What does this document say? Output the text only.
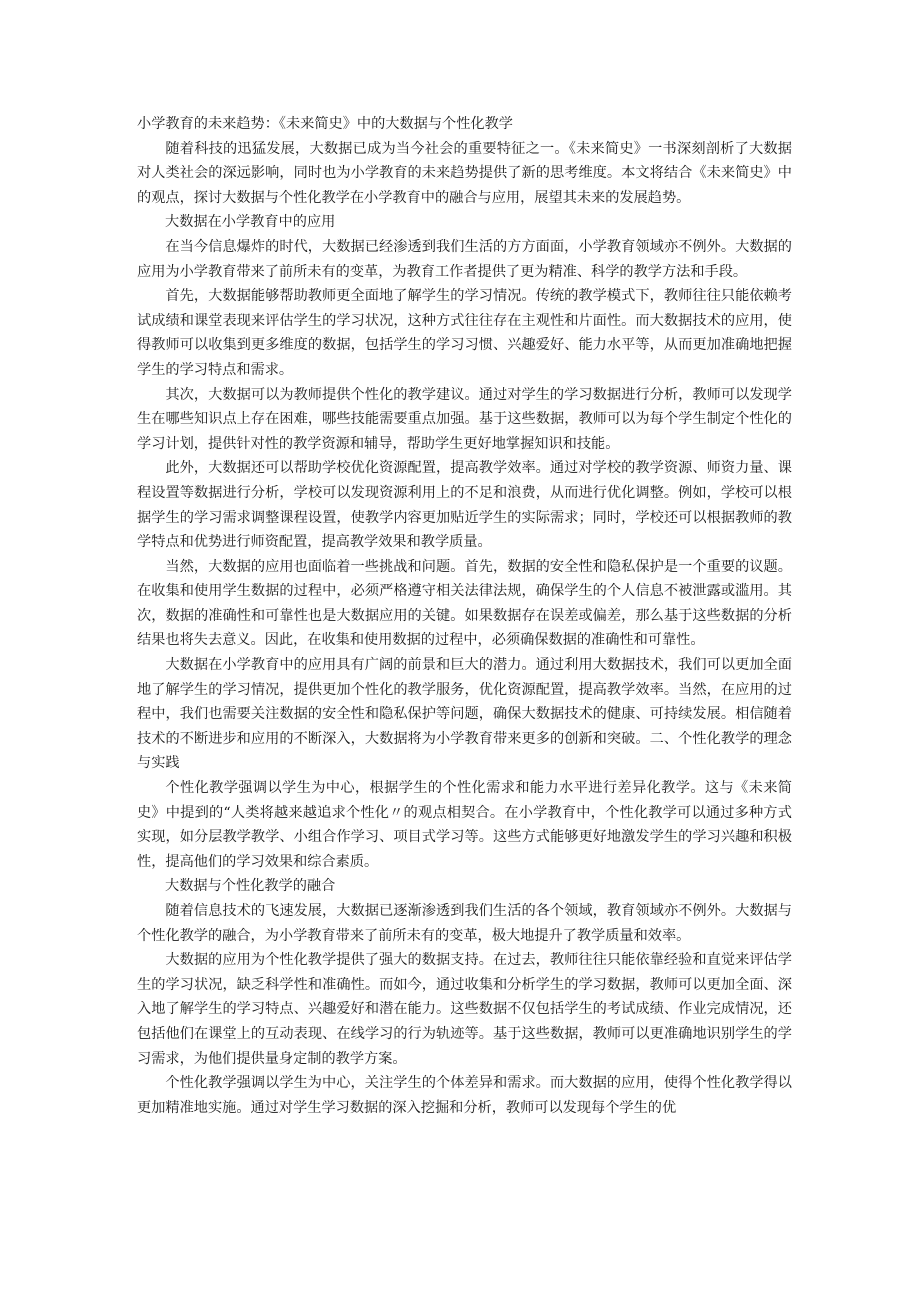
小学教育的未来趋势：《未来简史》中的大数据与个性化教学

随着科技的迅猛发展，大数据已成为当今社会的重要特征之一。《未来简史》一书深刻剖析了大数据对人类社会的深远影响，同时也为小学教育的未来趋势提供了新的思考维度。本文将结合《未来简史》中的观点，探讨大数据与个性化教学在小学教育中的融合与应用，展望其未来的发展趋势。

大数据在小学教育中的应用

在当今信息爆炸的时代，大数据已经渗透到我们生活的方方面面，小学教育领域亦不例外。大数据的应用为小学教育带来了前所未有的变革，为教育工作者提供了更为精准、科学的教学方法和手段。

首先，大数据能够帮助教师更全面地了解学生的学习情况。传统的教学模式下，教师往往只能依赖考试成绩和课堂表现来评估学生的学习状况，这种方式往往存在主观性和片面性。而大数据技术的应用，使得教师可以收集到更多维度的数据，包括学生的学习习惯、兴趣爱好、能力水平等，从而更加准确地把握学生的学习特点和需求。

其次，大数据可以为教师提供个性化的教学建议。通过对学生的学习数据进行分析，教师可以发现学生在哪些知识点上存在困难，哪些技能需要重点加强。基于这些数据，教师可以为每个学生制定个性化的学习计划，提供针对性的教学资源和辅导，帮助学生更好地掌握知识和技能。

此外，大数据还可以帮助学校优化资源配置，提高教学效率。通过对学校的教学资源、师资力量、课程设置等数据进行分析，学校可以发现资源利用上的不足和浪费，从而进行优化调整。例如，学校可以根据学生的学习需求调整课程设置，使教学内容更加贴近学生的实际需求；同时，学校还可以根据教师的教学特点和优势进行师资配置，提高教学效果和教学质量。

当然，大数据的应用也面临着一些挑战和问题。首先，数据的安全性和隐私保护是一个重要的议题。在收集和使用学生数据的过程中，必须严格遵守相关法律法规，确保学生的个人信息不被泄露或滥用。其次，数据的准确性和可靠性也是大数据应用的关键。如果数据存在误差或偏差，那么基于这些数据的分析结果也将失去意义。因此，在收集和使用数据的过程中，必须确保数据的准确性和可靠性。

大数据在小学教育中的应用具有广阔的前景和巨大的潜力。通过利用大数据技术，我们可以更加全面地了解学生的学习情况，提供更加个性化的教学服务，优化资源配置，提高教学效率。当然，在应用的过程中，我们也需要关注数据的安全性和隐私保护等问题，确保大数据技术的健康、可持续发展。相信随着技术的不断进步和应用的不断深入，大数据将为小学教育带来更多的创新和突破。二、个性化教学的理念与实践

个性化教学强调以学生为中心，根据学生的个性化需求和能力水平进行差异化教学。这与《未来简史》中提到的“人类将越来越追求个性化〃的观点相契合。在小学教育中，个性化教学可以通过多种方式实现，如分层教学教学、小组合作学习、项目式学习等。这些方式能够更好地激发学生的学习兴趣和积极性，提高他们的学习效果和综合素质。

大数据与个性化教学的融合

随着信息技术的飞速发展，大数据已逐渐渗透到我们生活的各个领域，教育领域亦不例外。大数据与个性化教学的融合，为小学教育带来了前所未有的变革，极大地提升了教学质量和效率。

大数据的应用为个性化教学提供了强大的数据支持。在过去，教师往往只能依靠经验和直觉来评估学生的学习状况，缺乏科学性和准确性。而如今，通过收集和分析学生的学习数据，教师可以更加全面、深入地了解学生的学习特点、兴趣爱好和潜在能力。这些数据不仅包括学生的考试成绩、作业完成情况，还包括他们在课堂上的互动表现、在线学习的行为轨迹等。基于这些数据，教师可以更准确地识别学生的学习需求，为他们提供量身定制的教学方案。

个性化教学强调以学生为中心，关注学生的个体差异和需求。而大数据的应用，使得个性化教学得以更加精准地实施。通过对学生学习数据的深入挖掘和分析，教师可以发现每个学生的优
